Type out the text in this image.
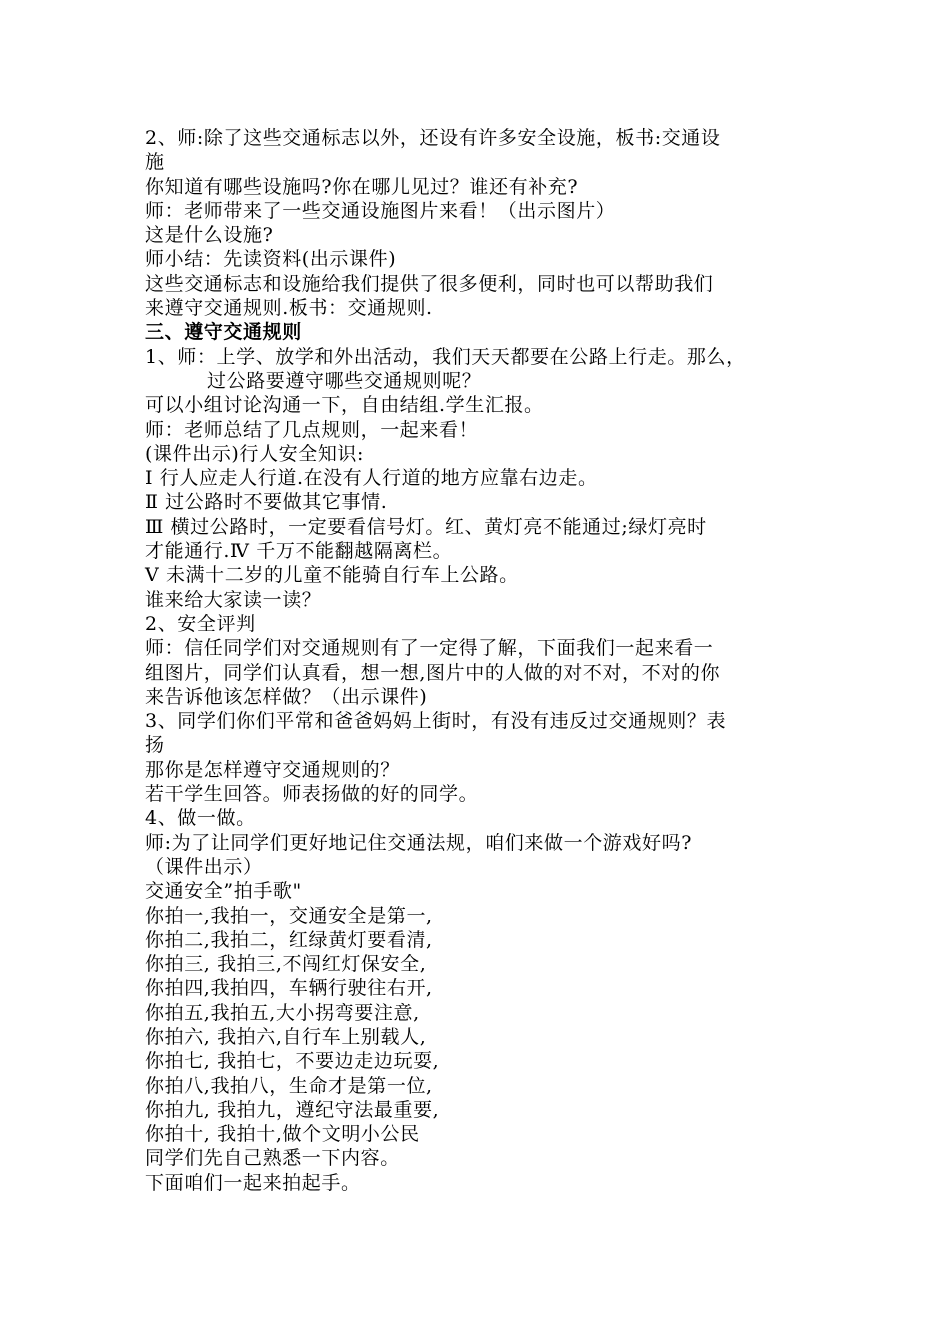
2、师:除了这些交通标志以外，还设有许多安全设施，板书:交通设
施
你知道有哪些设施吗?你在哪儿见过？谁还有补充?
师：老师带来了一些交通设施图片来看！（出示图片）
这是什么设施?
师小结：先读资料(出示课件)
这些交通标志和设施给我们提供了很多便利，同时也可以帮助我们
来遵守交通规则.板书：交通规则.
三、遵守交通规则
1、师：上学、放学和外出活动，我们天天都要在公路上行走。那么，
过公路要遵守哪些交通规则呢？
可以小组讨论沟通一下，自由结组.学生汇报。
师：老师总结了几点规则，一起来看！
(课件出示)行人安全知识:
Ⅰ 行人应走人行道.在没有人行道的地方应靠右边走。
Ⅱ 过公路时不要做其它事情.
Ⅲ 横过公路时，一定要看信号灯。红、黄灯亮不能通过;绿灯亮时
才能通行.Ⅳ 千万不能翻越隔离栏。
Ⅴ 未满十二岁的儿童不能骑自行车上公路。
谁来给大家读一读？
2、安全评判
师：信任同学们对交通规则有了一定得了解，下面我们一起来看一
组图片，同学们认真看，想一想,图片中的人做的对不对，不对的你
来告诉他该怎样做？（出示课件)
3、同学们你们平常和爸爸妈妈上街时，有没有违反过交通规则？表
扬
那你是怎样遵守交通规则的？
若干学生回答。师表扬做的好的同学。
4、做一做。
师:为了让同学们更好地记住交通法规，咱们来做一个游戏好吗?
（课件出示）
交通安全”拍手歌"
你拍一,我拍一，交通安全是第一,
你拍二,我拍二，红绿黄灯要看清,
你拍三, 我拍三,不闯红灯保安全,
你拍四,我拍四，车辆行驶往右开,
你拍五,我拍五,大小拐弯要注意,
你拍六, 我拍六,自行车上别载人,
你拍七, 我拍七，不要边走边玩耍,
你拍八,我拍八，生命才是第一位,
你拍九, 我拍九，遵纪守法最重要,
你拍十, 我拍十,做个文明小公民
同学们先自己熟悉一下内容。
下面咱们一起来拍起手。
